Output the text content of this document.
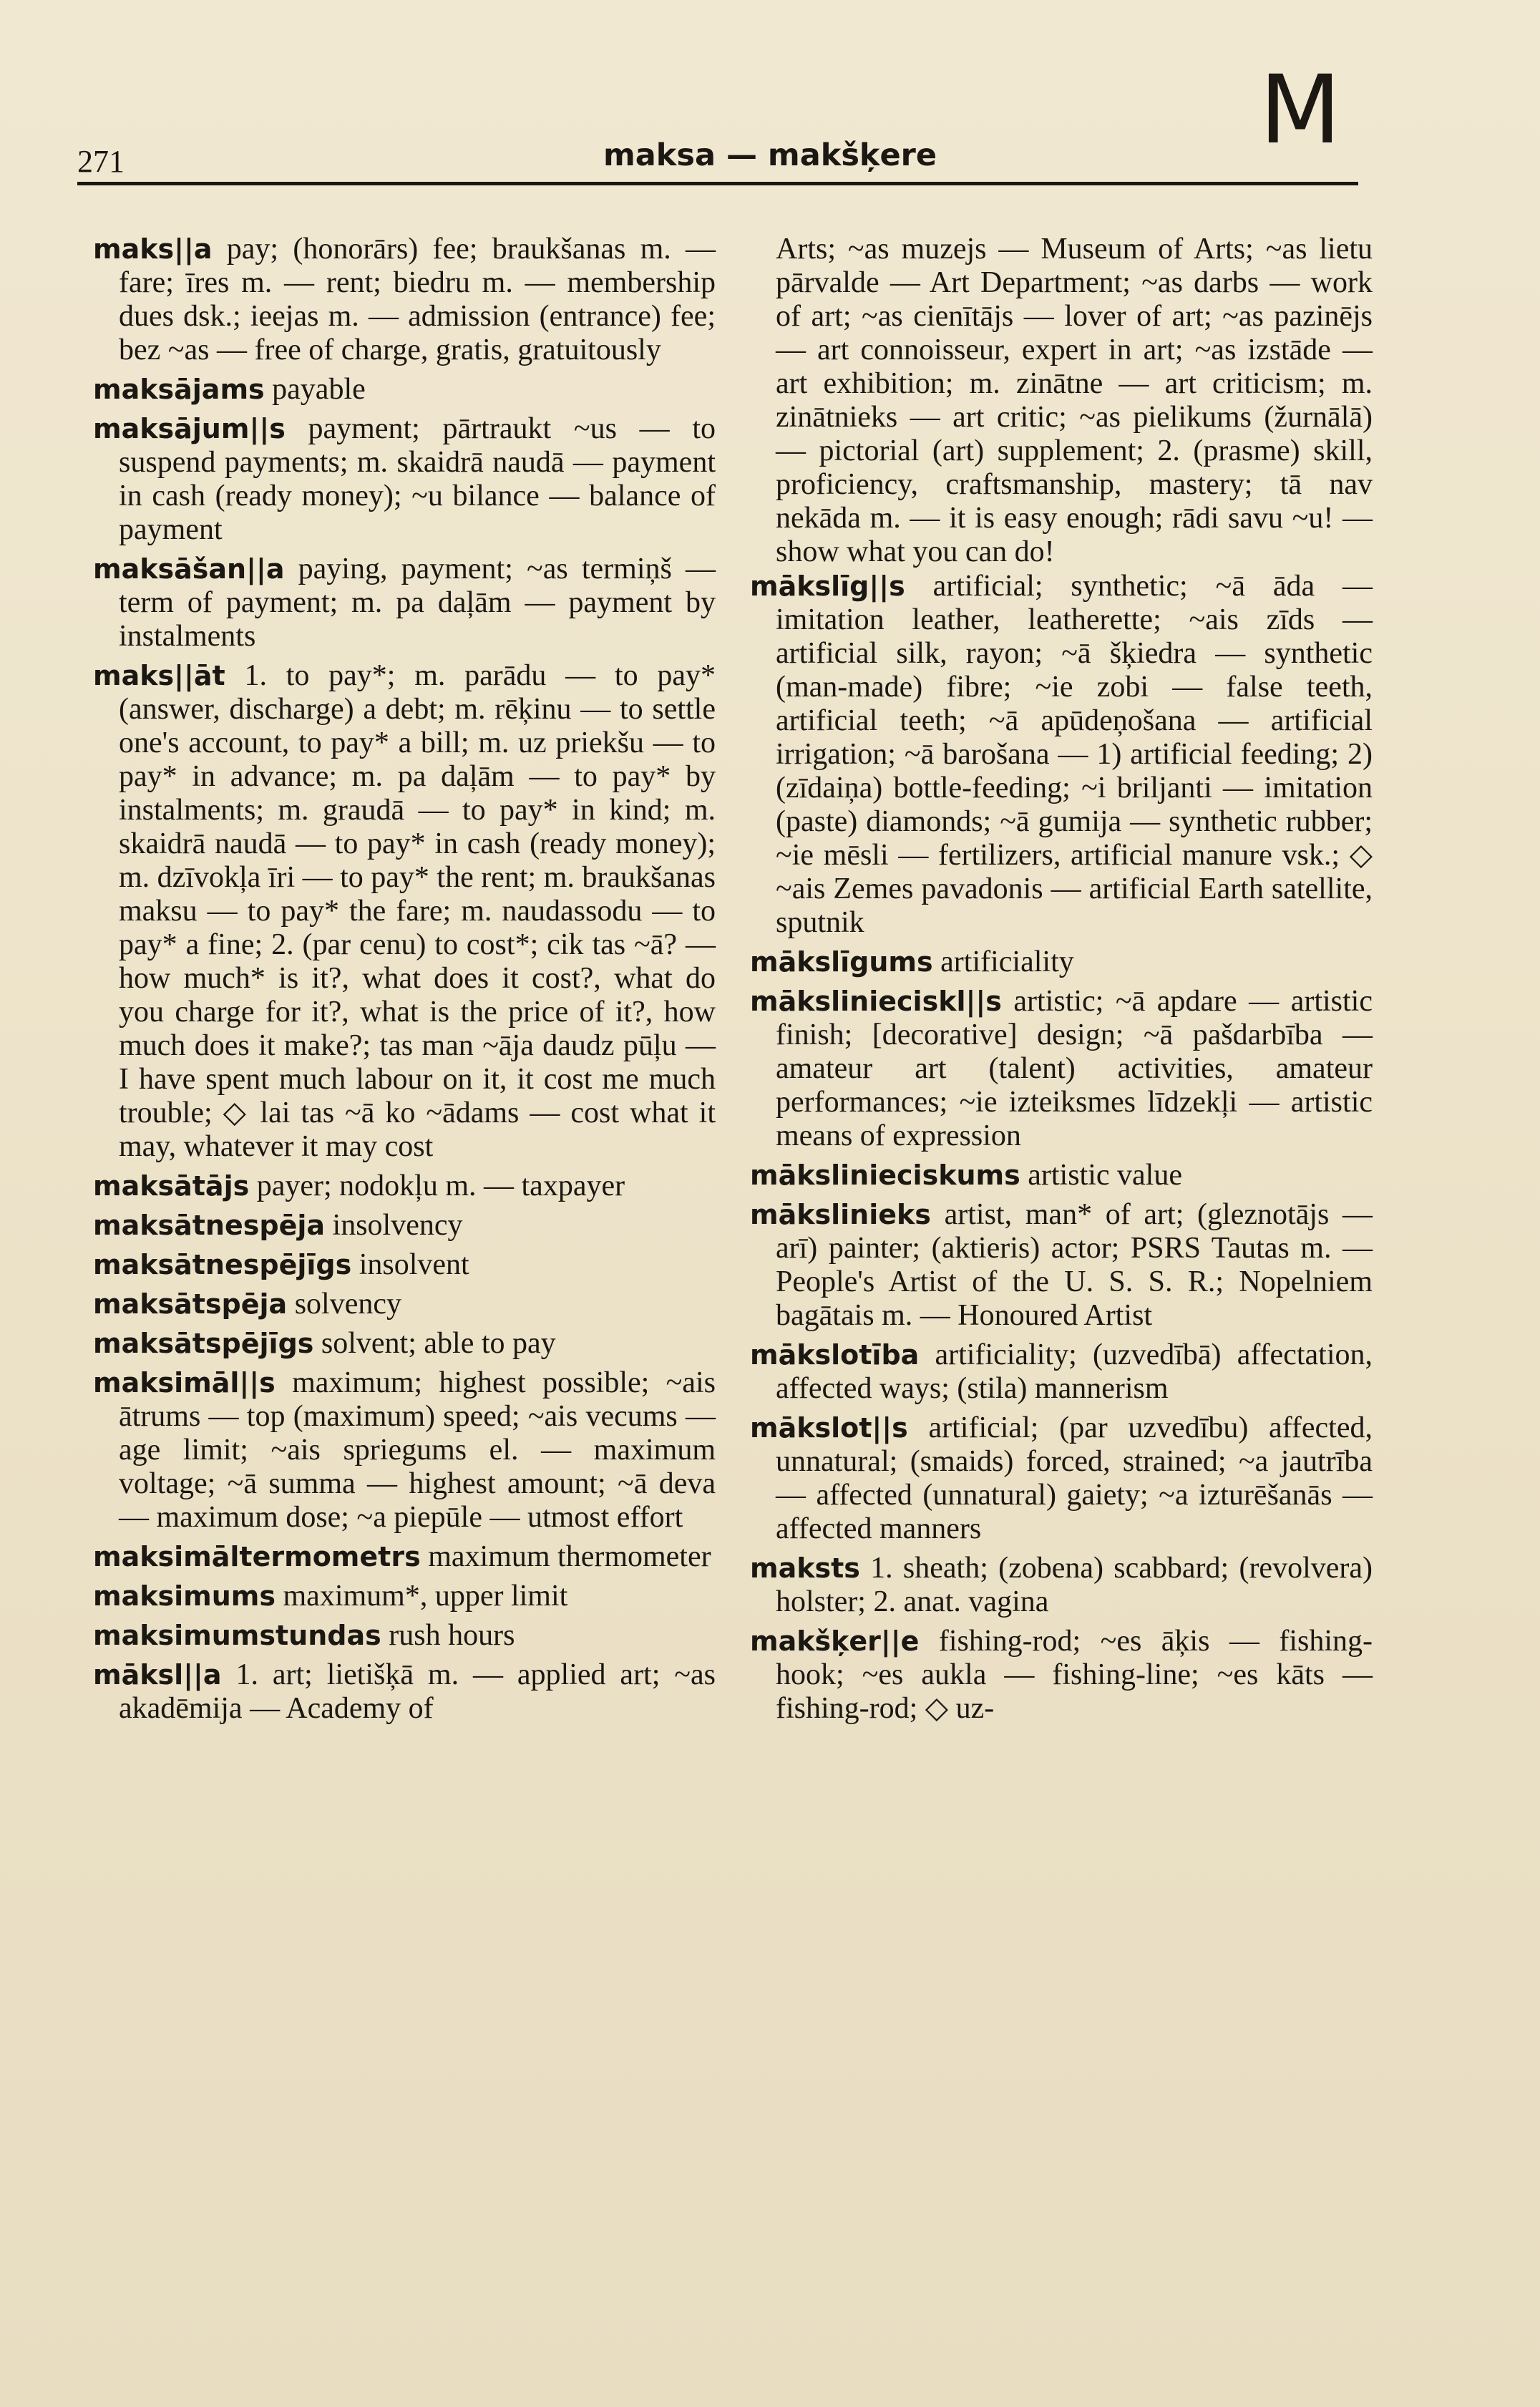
271	maksa — makšķere	M

maks||a pay; (honorārs) fee; braukšanas m. — fare; īres m. — rent; biedru m. — membership dues dsk.; ieejas m. — admission (entrance) fee; bez ~as — free of charge, gratis, gratuitously

maksājams payable

maksājum||s payment; pārtraukt ~us — to suspend payments; m. skaidrā naudā — payment in cash (ready money); ~u bilance — balance of payment

maksāšan||a paying, payment; ~as termiņš — term of payment; m. pa daļām — payment by instalments

maks||āt 1. to pay*; m. parādu — to pay* (answer, discharge) a debt; m. rēķinu — to settle one's account, to pay* a bill; m. uz priekšu — to pay* in advance; m. pa daļām — to pay* by instalments; m. graudā — to pay* in kind; m. skaidrā naudā — to pay* in cash (ready money); m. dzīvokļa īri — to pay* the rent; m. braukšanas maksu — to pay* the fare; m. naudassodu — to pay* a fine; 2. (par cenu) to cost*; cik tas ~ā? — how much* is it?, what does it cost?, what do you charge for it?, what is the price of it?, how much does it make?; tas man ~āja daudz pūļu — I have spent much labour on it, it cost me much trouble; ◇ lai tas ~ā ko ~ādams — cost what it may, whatever it may cost

maksātājs payer; nodokļu m. — taxpayer

maksātnespēja insolvency

maksātnespējīgs insolvent

maksātspēja solvency

maksātspējīgs solvent; able to pay

maksimāl||s maximum; highest possible; ~ais ātrums — top (maximum) speed; ~ais vecums — age limit; ~ais spriegums el. — maximum voltage; ~ā summa — highest amount; ~ā deva — maximum dose; ~a piepūle — utmost effort

maksimāltermometrs maximum thermometer

maksimums maximum*, upper limit

maksimumstundas rush hours

māksl||a 1. art; lietišķā m. — applied art; ~as akadēmija — Academy of

Arts; ~as muzejs — Museum of Arts; ~as lietu pārvalde — Art Department; ~as darbs — work of art; ~as cienītājs — lover of art; ~as pazinējs — art connoisseur, expert in art; ~as izstāde — art exhibition; m. zinātne — art criticism; m. zinātnieks — art critic; ~as pielikums (žurnālā) — pictorial (art) supplement; 2. (prasme) skill, proficiency, craftsmanship, mastery; tā nav nekāda m. — it is easy enough; rādi savu ~u! — show what you can do!

mākslīg||s artificial; synthetic; ~ā āda — imitation leather, leatherette; ~ais zīds — artificial silk, rayon; ~ā šķiedra — synthetic (man-made) fibre; ~ie zobi — false teeth, artificial teeth; ~ā apūdeņošana — artificial irrigation; ~ā barošana — 1) artificial feeding; 2) (zīdaiņa) bottle-feeding; ~i briljanti — imitation (paste) diamonds; ~ā gumija — synthetic rubber; ~ie mēsli — fertilizers, artificial manure vsk.; ◇ ~ais Zemes pavadonis — artificial Earth satellite, sputnik

mākslīgums artificiality

mākslinieciskl||s artistic; ~ā apdare — artistic finish; [decorative] design; ~ā pašdarbība — amateur art (talent) activities, amateur performances; ~ie izteiksmes līdzekļi — artistic means of expression

mākslinieciskums artistic value

mākslinieks artist, man* of art; (gleznotājs — arī) painter; (aktieris) actor; PSRS Tautas m. — People's Artist of the U. S. S. R.; Nopelniem bagātais m. — Honoured Artist

mākslotība artificiality; (uzvedībā) affectation, affected ways; (stila) mannerism

mākslot||s artificial; (par uzvedību) affected, unnatural; (smaids) forced, strained; ~a jautrība — affected (unnatural) gaiety; ~a izturēšanās — affected manners

maksts 1. sheath; (zobena) scabbard; (revolvera) holster; 2. anat. vagina

makšķer||e fishing-rod; ~es āķis — fishing-hook; ~es aukla — fishing-line; ~es kāts — fishing-rod; ◇ uz-
